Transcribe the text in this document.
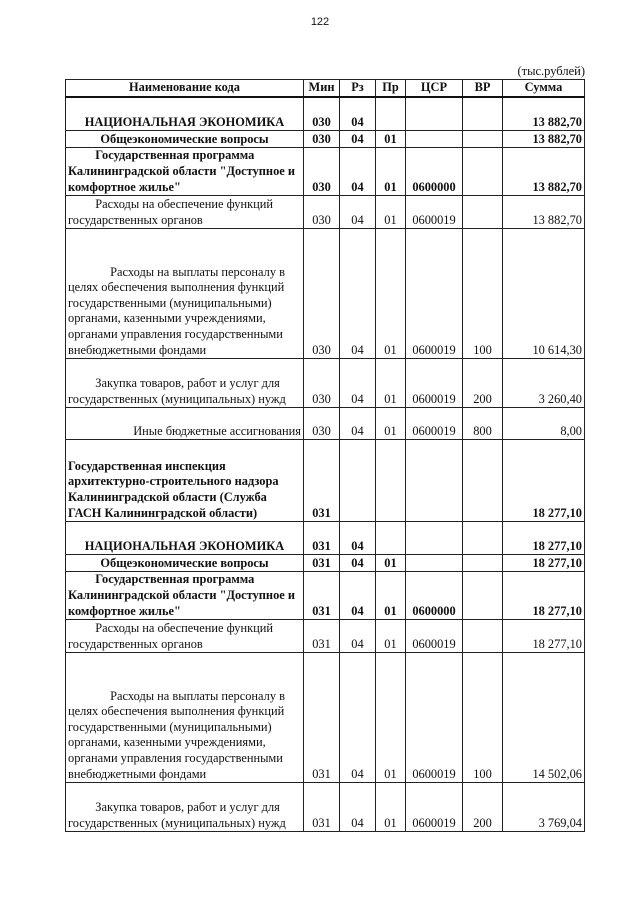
122
(тыс.рублей)
Наименование кода	Мин	Рз	Пр	ЦСР	ВР	Сумма
НАЦИОНАЛЬНАЯ ЭКОНОМИКА	030	04				13 882,70
Общеэкономические вопросы	030	04	01			13 882,70
Государственная программа Калининградской области "Доступное и комфортное жилье"	030	04	01	0600000		13 882,70
Расходы на обеспечение функций государственных органов	030	04	01	0600019		13 882,70
Расходы на выплаты персоналу в целях обеспечения выполнения функций государственными (муниципальными) органами, казенными учреждениями, органами управления государственными внебюджетными фондами	030	04	01	0600019	100	10 614,30
Закупка товаров, работ и услуг для государственных (муниципальных) нужд	030	04	01	0600019	200	3 260,40
Иные бюджетные ассигнования	030	04	01	0600019	800	8,00
Государственная инспекция архитектурно-строительного надзора Калининградской области (Служба ГАСН Калининградской области)	031					18 277,10
НАЦИОНАЛЬНАЯ ЭКОНОМИКА	031	04				18 277,10
Общеэкономические вопросы	031	04	01			18 277,10
Государственная программа Калининградской области "Доступное и комфортное жилье"	031	04	01	0600000		18 277,10
Расходы на обеспечение функций государственных органов	031	04	01	0600019		18 277,10
Расходы на выплаты персоналу в целях обеспечения выполнения функций государственными (муниципальными) органами, казенными учреждениями, органами управления государственными внебюджетными фондами	031	04	01	0600019	100	14 502,06
Закупка товаров, работ и услуг для государственных (муниципальных) нужд	031	04	01	0600019	200	3 769,04
